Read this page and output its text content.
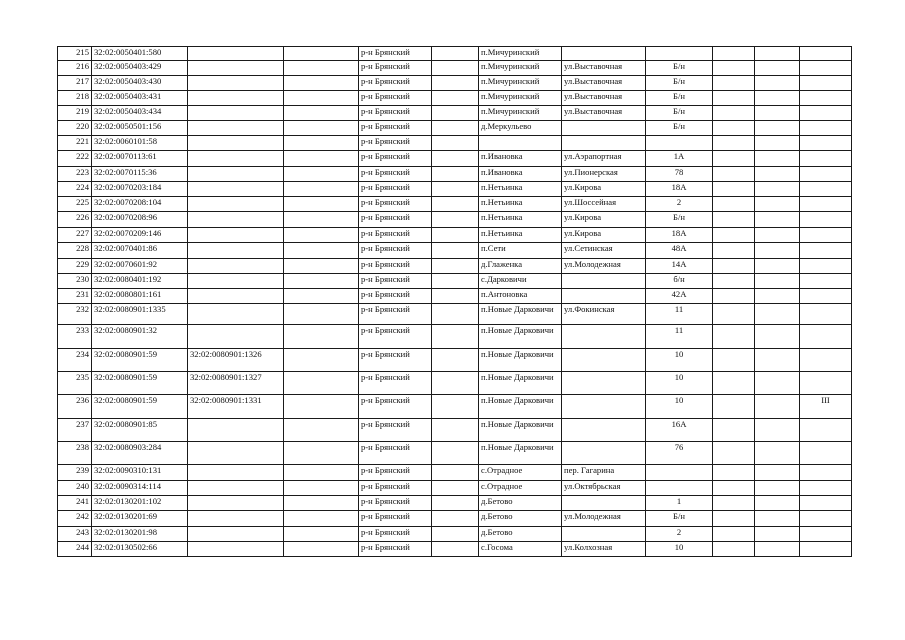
215	32:02:0050401:580			р-н Брянский		п.Мичуринский					
216	32:02:0050403:429			р-н Брянский		п.Мичуринский	ул.Выставочная	Б/н			
217	32:02:0050403:430			р-н Брянский		п.Мичуринский	ул.Выставочная	Б/н			
218	32:02:0050403:431			р-н Брянский		п.Мичуринский	ул.Выставочная	Б/н			
219	32:02:0050403:434			р-н Брянский		п.Мичуринский	ул.Выставочная	Б/н			
220	32:02:0050501:156			р-н Брянский		д.Меркульево		Б/н			
221	32:02:0060101:58			р-н Брянский							
222	32:02:0070113:61			р-н Брянский		п.Ивановка	ул.Аэрапортная	1А			
223	32:02:0070115:36			р-н Брянский		п.Ивановка	ул.Пионерская	78			
224	32:02:0070203:184			р-н Брянский		п.Нетьинка	ул.Кирова	18А			
225	32:02:0070208:104			р-н Брянский		п.Нетьинка	ул.Шоссейная	2			
226	32:02:0070208:96			р-н Брянский		п.Нетьинка	ул.Кирова	Б/н			
227	32:02:0070209:146			р-н Брянский		п.Нетьинка	ул.Кирова	18А			
228	32:02:0070401:86			р-н Брянский		п.Сети	ул.Сетинская	48А			
229	32:02:0070601:92			р-н Брянский		д.Глаженка	ул.Молодежная	14А			
230	32:02:0080401:192			р-н Брянский		с.Дарковичи		б/н			
231	32:02:0080801:161			р-н Брянский		п.Антоновка		42А			
232	32:02:0080901:1335			р-н Брянский		п.Новые Дарковичи	ул.Фокинская	11			
233	32:02:0080901:32			р-н Брянский		п.Новые Дарковичи		11			
234	32:02:0080901:59	32:02:0080901:1326		р-н Брянский		п.Новые Дарковичи		10			
235	32:02:0080901:59	32:02:0080901:1327		р-н Брянский		п.Новые Дарковичи		10			
236	32:02:0080901:59	32:02:0080901:1331		р-н Брянский		п.Новые Дарковичи		10			III
237	32:02:0080901:85			р-н Брянский		п.Новые Дарковичи		16А			
238	32:02:0080903:284			р-н Брянский		п.Новые Дарковичи		76			
239	32:02:0090310:131			р-н Брянский		с.Отрадное	пер. Гагарина				
240	32:02:0090314:114			р-н Брянский		с.Отрадное	ул.Октябрьская				
241	32:02:0130201:102			р-н Брянский		д.Бетово		1			
242	32:02:0130201:69			р-н Брянский		д.Бетово	ул.Молодежная	Б/н			
243	32:02:0130201:98			р-н Брянский		д.Бетово		2			
244	32:02:0130502:66			р-н Брянский		с.Госома	ул.Колхозная	10			
